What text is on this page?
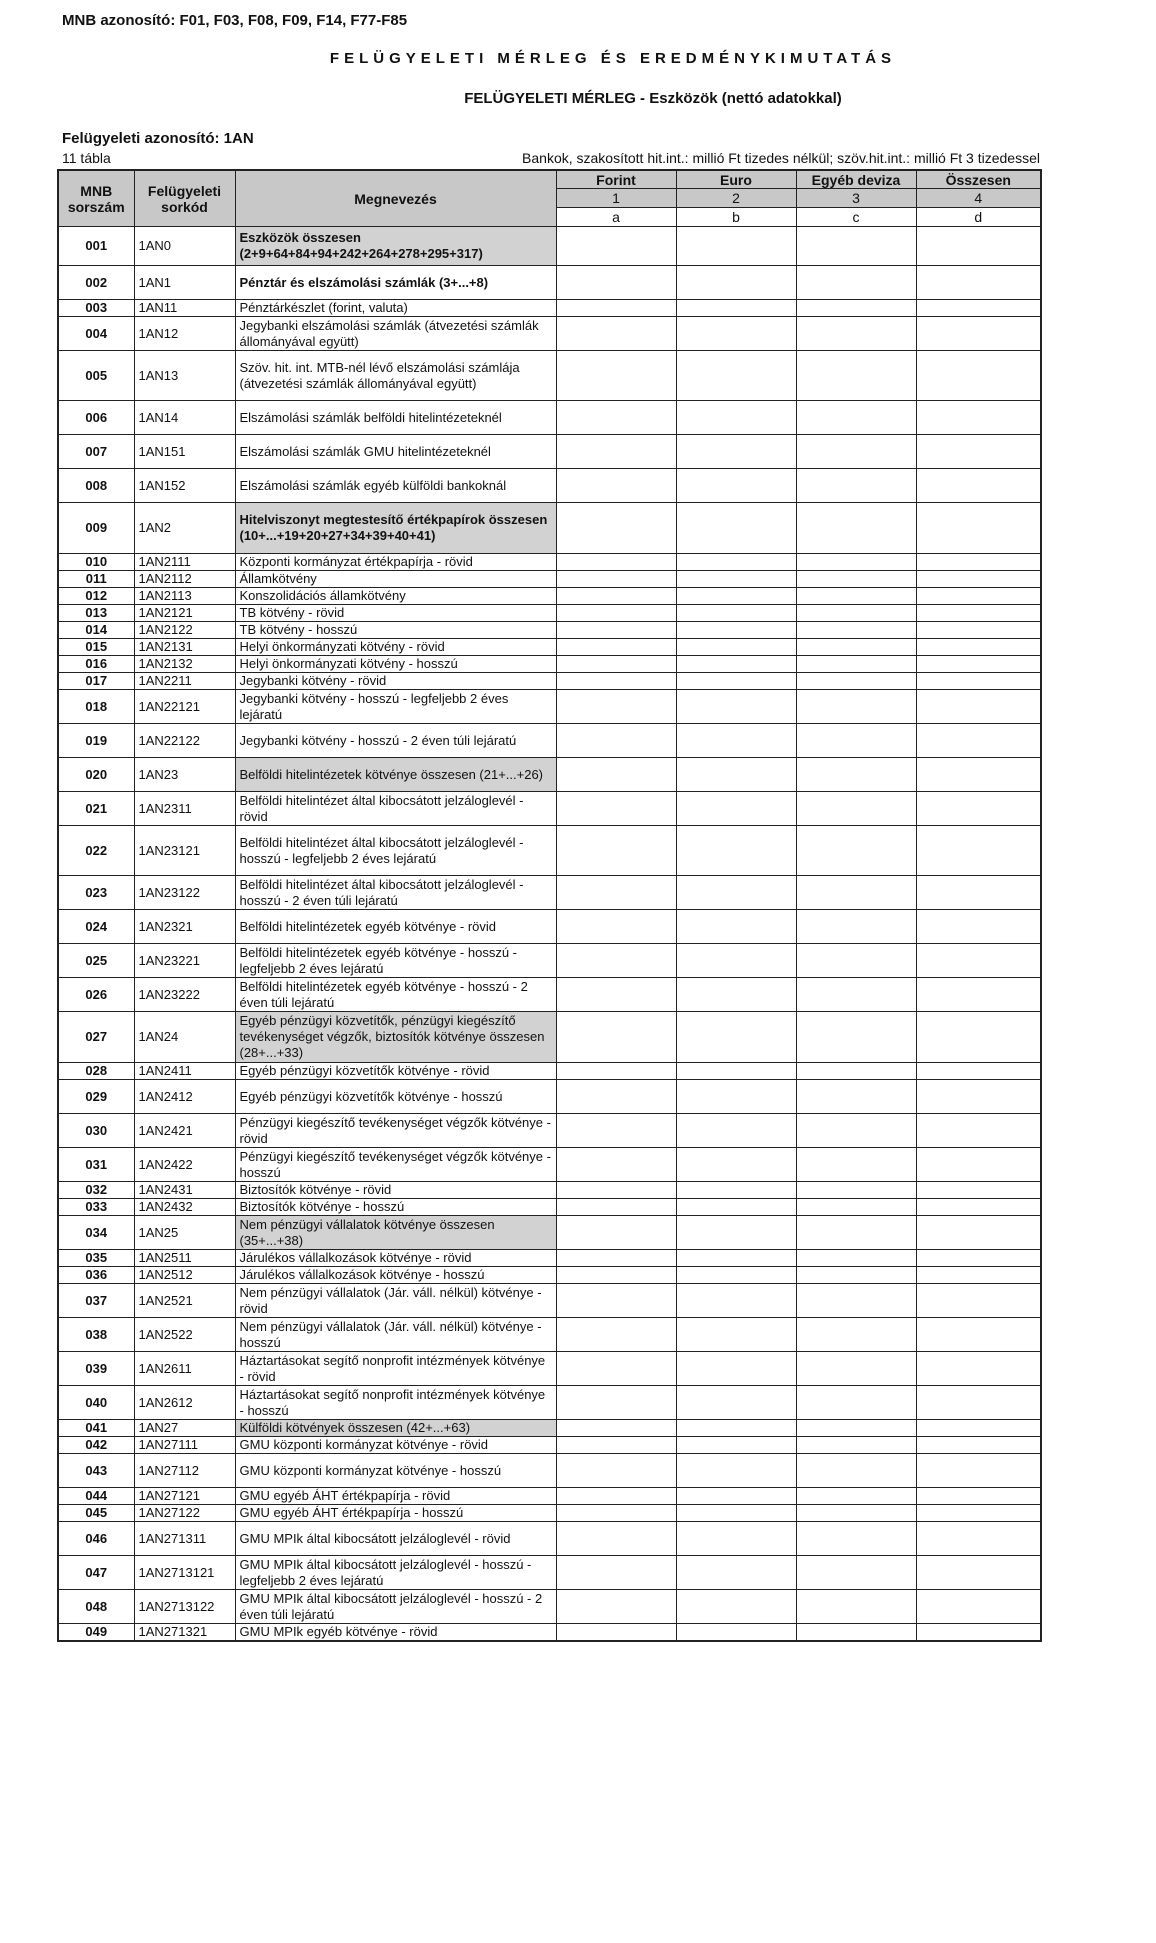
MNB azonosító: F01, F03, F08, F09, F14, F77-F85
FELÜGYELETI MÉRLEG ÉS EREDMÉNYKIMUTATÁS
FELÜGYELETI MÉRLEG - Eszközök (nettó adatokkal)
Felügyeleti azonosító: 1AN
11 tábla	Bankok, szakosított hit.int.: millió Ft tizedes nélkül; szöv.hit.int.: millió Ft 3 tizedessel
MNB sorszám	Felügyeleti sorkód	Megnevezés	Forint	Euro	Egyéb deviza	Összesen
			1	2	3	4
			a	b	c	d
001	1AN0	Eszközök összesen
(2+9+64+84+94+242+264+278+295+317)				
002	1AN1	Pénztár és elszámolási számlák (3+...+8)				
003	1AN11	Pénztárkészlet (forint, valuta)				
004	1AN12	Jegybanki elszámolási számlák (átvezetési számlák állományával együtt)				
005	1AN13	Szöv. hit. int. MTB-nél lévő elszámolási számlája (átvezetési számlák állományával együtt)				
006	1AN14	Elszámolási számlák belföldi hitelintézeteknél				
007	1AN151	Elszámolási számlák GMU hitelintézeteknél				
008	1AN152	Elszámolási számlák egyéb külföldi bankoknál				
009	1AN2	Hitelviszonyt megtestesítő értékpapírok összesen
(10+...+19+20+27+34+39+40+41)				
010	1AN2111	Központi kormányzat értékpapírja - rövid				
011	1AN2112	Államkötvény				
012	1AN2113	Konszolidációs államkötvény				
013	1AN2121	TB kötvény - rövid				
014	1AN2122	TB kötvény - hosszú				
015	1AN2131	Helyi önkormányzati kötvény - rövid				
016	1AN2132	Helyi önkormányzati kötvény - hosszú				
017	1AN2211	Jegybanki kötvény - rövid				
018	1AN22121	Jegybanki kötvény - hosszú - legfeljebb 2 éves lejáratú				
019	1AN22122	Jegybanki kötvény - hosszú - 2 éven túli lejáratú				
020	1AN23	Belföldi hitelintézetek kötvénye összesen (21+...+26)				
021	1AN2311	Belföldi hitelintézet által kibocsátott jelzáloglevél - rövid				
022	1AN23121	Belföldi hitelintézet által kibocsátott jelzáloglevél - hosszú - legfeljebb 2 éves lejáratú				
023	1AN23122	Belföldi hitelintézet által kibocsátott jelzáloglevél - hosszú - 2 éven túli lejáratú				
024	1AN2321	Belföldi hitelintézetek egyéb kötvénye - rövid				
025	1AN23221	Belföldi hitelintézetek egyéb kötvénye - hosszú - legfeljebb 2 éves lejáratú				
026	1AN23222	Belföldi hitelintézetek egyéb kötvénye - hosszú - 2 éven túli lejáratú				
027	1AN24	Egyéb pénzügyi közvetítők, pénzügyi kiegészítő tevékenységet végzők, biztosítók kötvénye összesen (28+...+33)				
028	1AN2411	Egyéb pénzügyi közvetítők kötvénye - rövid				
029	1AN2412	Egyéb pénzügyi közvetítők kötvénye - hosszú				
030	1AN2421	Pénzügyi kiegészítő tevékenységet végzők kötvénye - rövid				
031	1AN2422	Pénzügyi kiegészítő tevékenységet végzők kötvénye - hosszú				
032	1AN2431	Biztosítók kötvénye - rövid				
033	1AN2432	Biztosítók kötvénye - hosszú				
034	1AN25	Nem pénzügyi vállalatok kötvénye összesen (35+...+38)				
035	1AN2511	Járulékos vállalkozások kötvénye - rövid				
036	1AN2512	Járulékos vállalkozások kötvénye - hosszú				
037	1AN2521	Nem pénzügyi vállalatok (Jár. váll. nélkül) kötvénye - rövid				
038	1AN2522	Nem pénzügyi vállalatok (Jár. váll. nélkül) kötvénye - hosszú				
039	1AN2611	Háztartásokat segítő nonprofit intézmények kötvénye - rövid				
040	1AN2612	Háztartásokat segítő nonprofit intézmények kötvénye - hosszú				
041	1AN27	Külföldi kötvények összesen (42+...+63)				
042	1AN27111	GMU központi kormányzat kötvénye - rövid				
043	1AN27112	GMU központi kormányzat kötvénye - hosszú				
044	1AN27121	GMU egyéb ÁHT értékpapírja - rövid				
045	1AN27122	GMU egyéb ÁHT értékpapírja - hosszú				
046	1AN271311	GMU MPIk által kibocsátott jelzáloglevél - rövid				
047	1AN2713121	GMU MPIk által kibocsátott jelzáloglevél - hosszú - legfeljebb 2 éves lejáratú				
048	1AN2713122	GMU MPIk által kibocsátott jelzáloglevél - hosszú - 2 éven túli lejáratú				
049	1AN271321	GMU MPIk egyéb kötvénye - rövid				
